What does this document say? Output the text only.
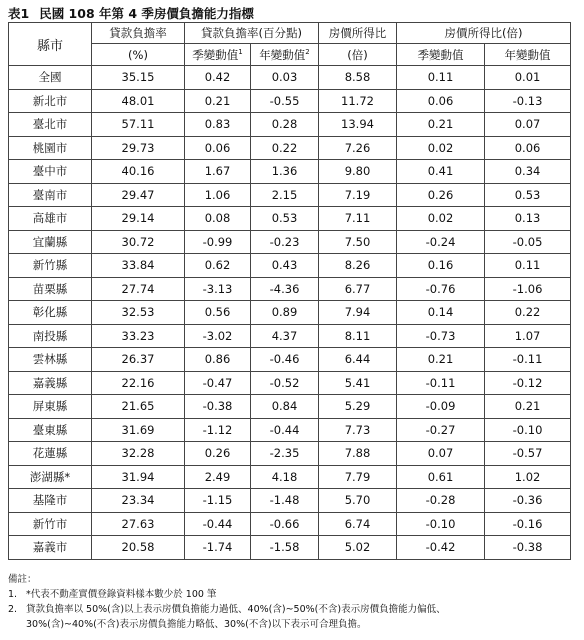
表1 民國 108 年第 4 季房價負擔能力指標
縣市	貸款負擔率	貸款負擔率(百分點)		房價所得比	房價所得比(倍)	
	(%)	季變動值$^1$	年變動值$^2$	(倍)	季變動值	年變動值
全國	35.15	0.42	0.03	8.58	0.11	0.01
新北市	48.01	0.21	-0.55	11.72	0.06	-0.13
臺北市	57.11	0.83	0.28	13.94	0.21	0.07
桃園市	29.73	0.06	0.22	7.26	0.02	0.06
臺中市	40.16	1.67	1.36	9.80	0.41	0.34
臺南市	29.47	1.06	2.15	7.19	0.26	0.53
高雄市	29.14	0.08	0.53	7.11	0.02	0.13
宜蘭縣	30.72	-0.99	-0.23	7.50	-0.24	-0.05
新竹縣	33.84	0.62	0.43	8.26	0.16	0.11
苗栗縣	27.74	-3.13	-4.36	6.77	-0.76	-1.06
彰化縣	32.53	0.56	0.89	7.94	0.14	0.22
南投縣	33.23	-3.02	4.37	8.11	-0.73	1.07
雲林縣	26.37	0.86	-0.46	6.44	0.21	-0.11
嘉義縣	22.16	-0.47	-0.52	5.41	-0.11	-0.12
屏東縣	21.65	-0.38	0.84	5.29	-0.09	0.21
臺東縣	31.69	-1.12	-0.44	7.73	-0.27	-0.10
花蓮縣	32.28	0.26	-2.35	7.88	0.07	-0.57
澎湖縣*	31.94	2.49	4.18	7.79	0.61	1.02
基隆市	23.34	-1.15	-1.48	5.70	-0.28	-0.36
新竹市	27.63	-0.44	-0.66	6.74	-0.10	-0.16
嘉義市	20.58	-1.74	-1.58	5.02	-0.42	-0.38
備註：
1. *代表不動產實價登錄資料樣本數少於 100 筆
2. 貸款負擔率以 50%(含)以上表示房價負擔能力過低、40%(含)~50%(不含)表示房價負擔能力偏低、
30%(含)~40%(不含)表示房價負擔能力略低、30%(不含)以下表示可合理負擔。
